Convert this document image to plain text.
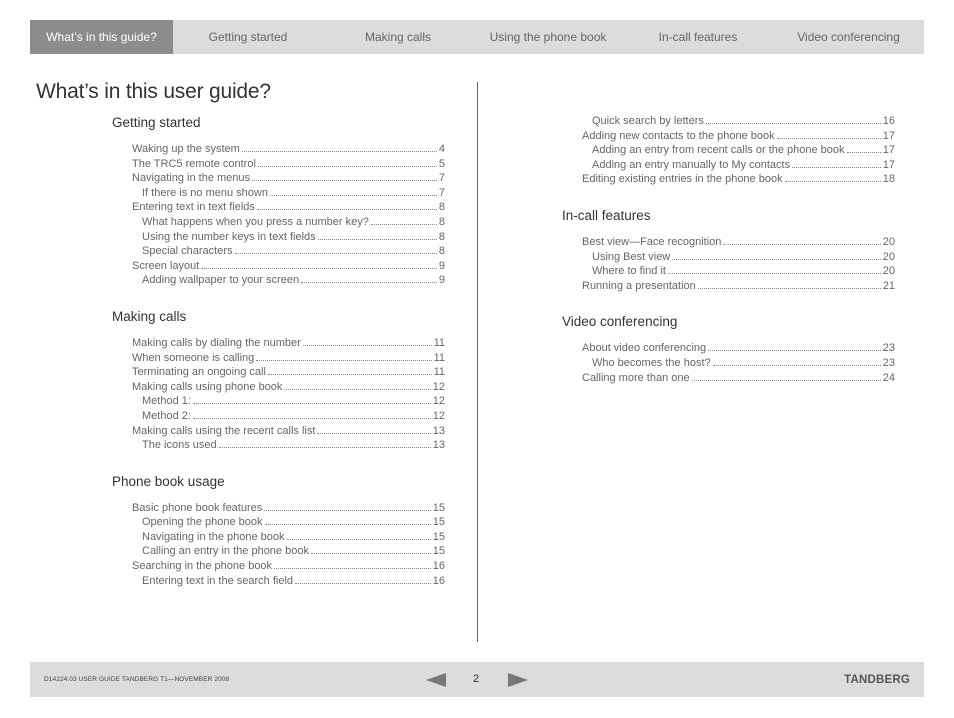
What’s in this guide?	Getting started	Making calls	Using the phone book	In-call features	Video conferencing
What’s in this user guide?
Getting started
Waking up the system	4
The TRC5 remote control	5
Navigating in the menus	7
If there is no menu shown	7
Entering text in text fields	8
What happens when you press a number key?	8
Using the number keys in text fields	8
Special characters	8
Screen layout	9
Adding wallpaper to your screen	9
Making calls
Making calls by dialing the number	11
When someone is calling	11
Terminating an ongoing call	11
Making calls using phone book	12
Method 1:	12
Method 2:	12
Making calls using the recent calls list	13
The icons used	13
Phone book usage
Basic phone book features	15
Opening the phone book	15
Navigating in the phone book	15
Calling an entry in the phone book	15
Searching in the phone book	16
Entering text in the search field	16
Quick search by letters	16
Adding new contacts to the phone book	17
Adding an entry from recent calls or the phone book	17
Adding an entry manually to My contacts	17
Editing existing entries in the phone book	18
In-call features
Best view—Face recognition	20
Using Best view	20
Where to find it	20
Running a presentation	21
Video conferencing
About video conferencing	23
Who becomes the host?	23
Calling more than one	24
D14224.03 USER GUIDE TANDBERG T1—NOVEMBER 2008	2	TANDBERG
